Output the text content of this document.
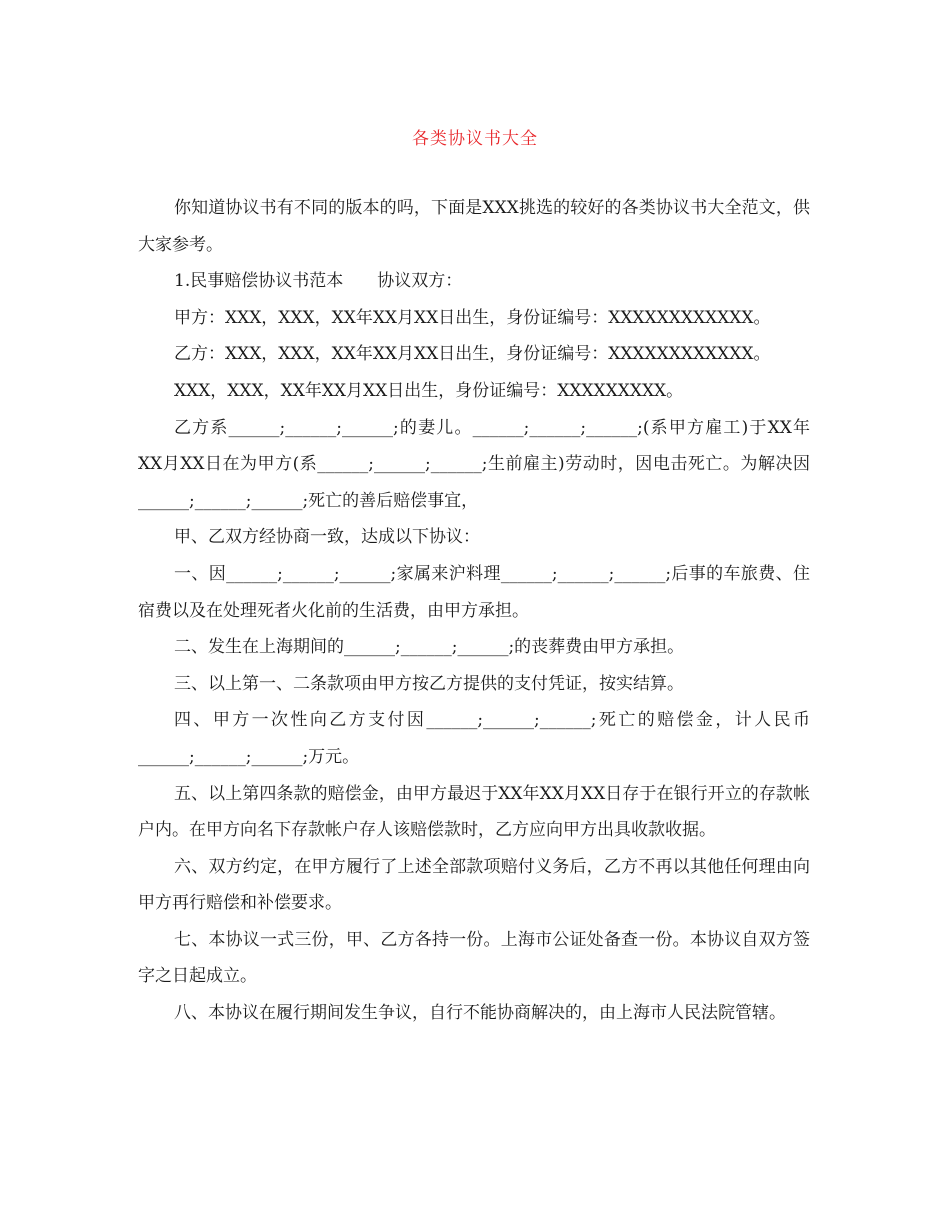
各类协议书大全

你知道协议书有不同的版本的吗，下面是XXX挑选的较好的各类协议书大全范文，供大家参考。

1.民事赔偿协议书范本　　协议双方：

甲方：XXX，XXX，XX年XX月XX日出生，身份证编号：XXXXXXXXXXXX。

乙方：XXX，XXX，XX年XX月XX日出生，身份证编号：XXXXXXXXXXXX。

XXX，XXX，XX年XX月XX日出生，身份证编号：XXXXXXXXX。

乙方系______;______;______;的妻儿。______;______;______;(系甲方雇工)于XX年XX月XX日在为甲方(系______;______;______;生前雇主)劳动时，因电击死亡。为解决因______;______;______;死亡的善后赔偿事宜，

甲、乙双方经协商一致，达成以下协议：

一、因______;______;______;家属来沪料理______;______;______;后事的车旅费、住宿费以及在处理死者火化前的生活费，由甲方承担。

二、发生在上海期间的______;______;______;的丧葬费由甲方承担。

三、以上第一、二条款项由甲方按乙方提供的支付凭证，按实结算。

四、甲方一次性向乙方支付因______;______;______;死亡的赔偿金，计人民币______;______;______;万元。

五、以上第四条款的赔偿金，由甲方最迟于XX年XX月XX日存于在银行开立的存款帐户内。在甲方向名下存款帐户存人该赔偿款时，乙方应向甲方出具收款收据。

六、双方约定，在甲方履行了上述全部款项赔付义务后，乙方不再以其他任何理由向甲方再行赔偿和补偿要求。

七、本协议一式三份，甲、乙方各持一份。上海市公证处备查一份。本协议自双方签字之日起成立。

八、本协议在履行期间发生争议，自行不能协商解决的，由上海市人民法院管辖。
